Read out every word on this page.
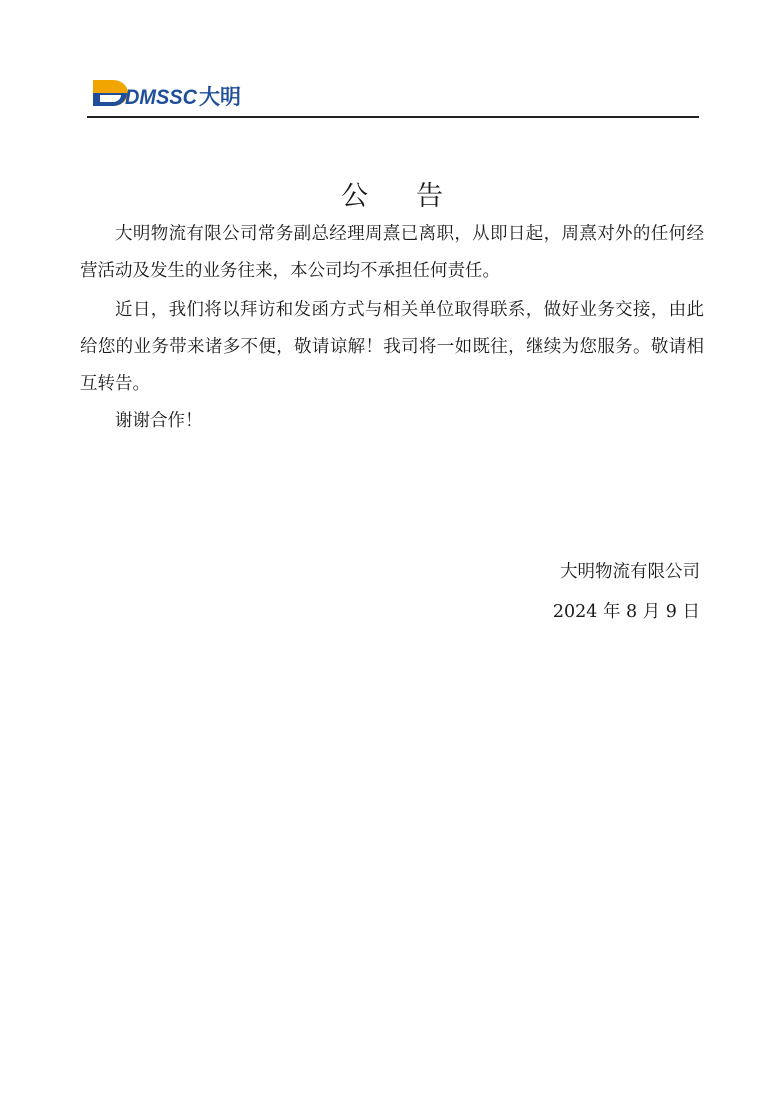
DMSSC 大明
公 告

大明物流有限公司常务副总经理周熹已离职，从即日起，周熹对外的任何经营活动及发生的业务往来，本公司均不承担任何责任。

近日，我们将以拜访和发函方式与相关单位取得联系，做好业务交接，由此给您的业务带来诸多不便，敬请谅解！我司将一如既往，继续为您服务。敬请相互转告。

谢谢合作！

大明物流有限公司
2024 年 8 月 9 日
